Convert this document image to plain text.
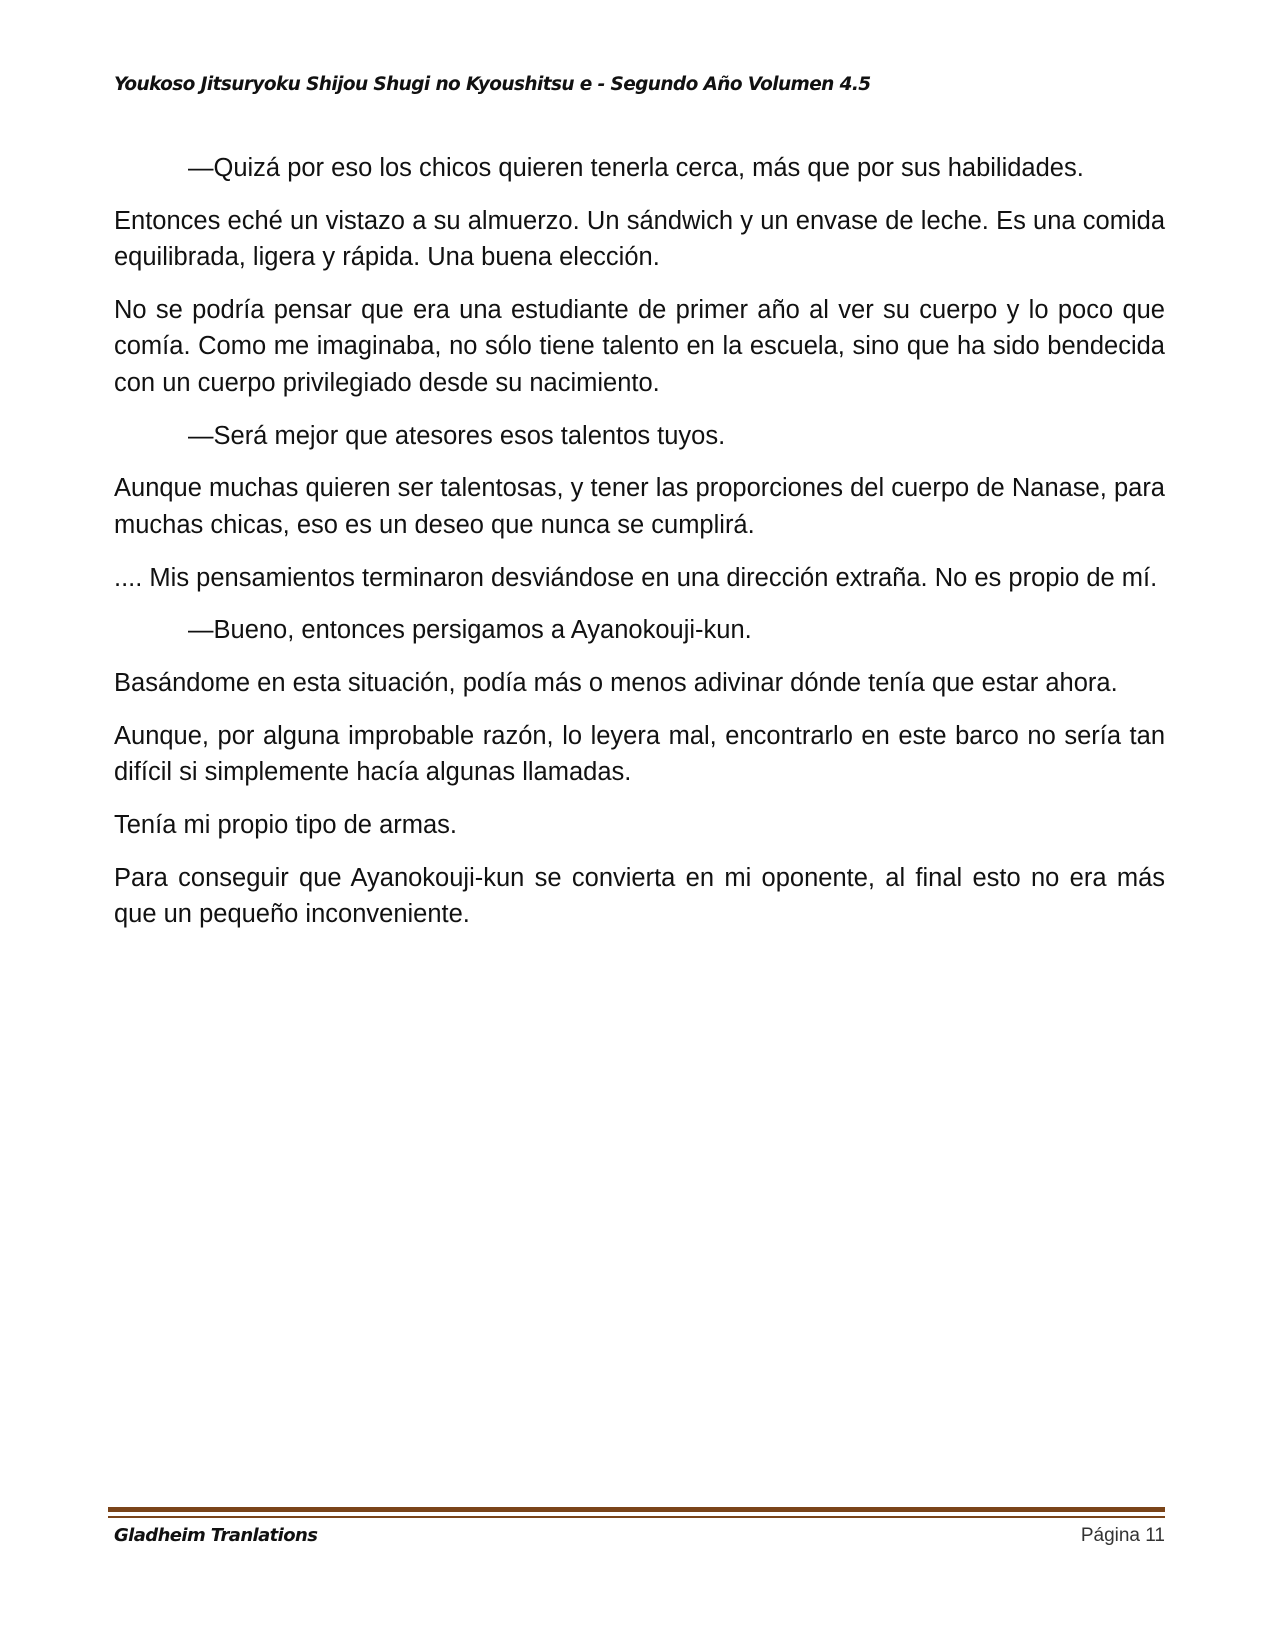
Youkoso Jitsuryoku Shijou Shugi no Kyoushitsu e - Segundo Año Volumen 4.5

—Quizá por eso los chicos quieren tenerla cerca, más que por sus habilidades.

Entonces eché un vistazo a su almuerzo. Un sándwich y un envase de leche. Es una comida equilibrada, ligera y rápida. Una buena elección.

No se podría pensar que era una estudiante de primer año al ver su cuerpo y lo poco que comía. Como me imaginaba, no sólo tiene talento en la escuela, sino que ha sido bendecida con un cuerpo privilegiado desde su nacimiento.

—Será mejor que atesores esos talentos tuyos.

Aunque muchas quieren ser talentosas, y tener las proporciones del cuerpo de Nanase, para muchas chicas, eso es un deseo que nunca se cumplirá.

.... Mis pensamientos terminaron desviándose en una dirección extraña. No es propio de mí.

—Bueno, entonces persigamos a Ayanokouji-kun.

Basándome en esta situación, podía más o menos adivinar dónde tenía que estar ahora.

Aunque, por alguna improbable razón, lo leyera mal, encontrarlo en este barco no sería tan difícil si simplemente hacía algunas llamadas.

Tenía mi propio tipo de armas.

Para conseguir que Ayanokouji-kun se convierta en mi oponente, al final esto no era más que un pequeño inconveniente.

Gladheim Tranlations	Página 11
